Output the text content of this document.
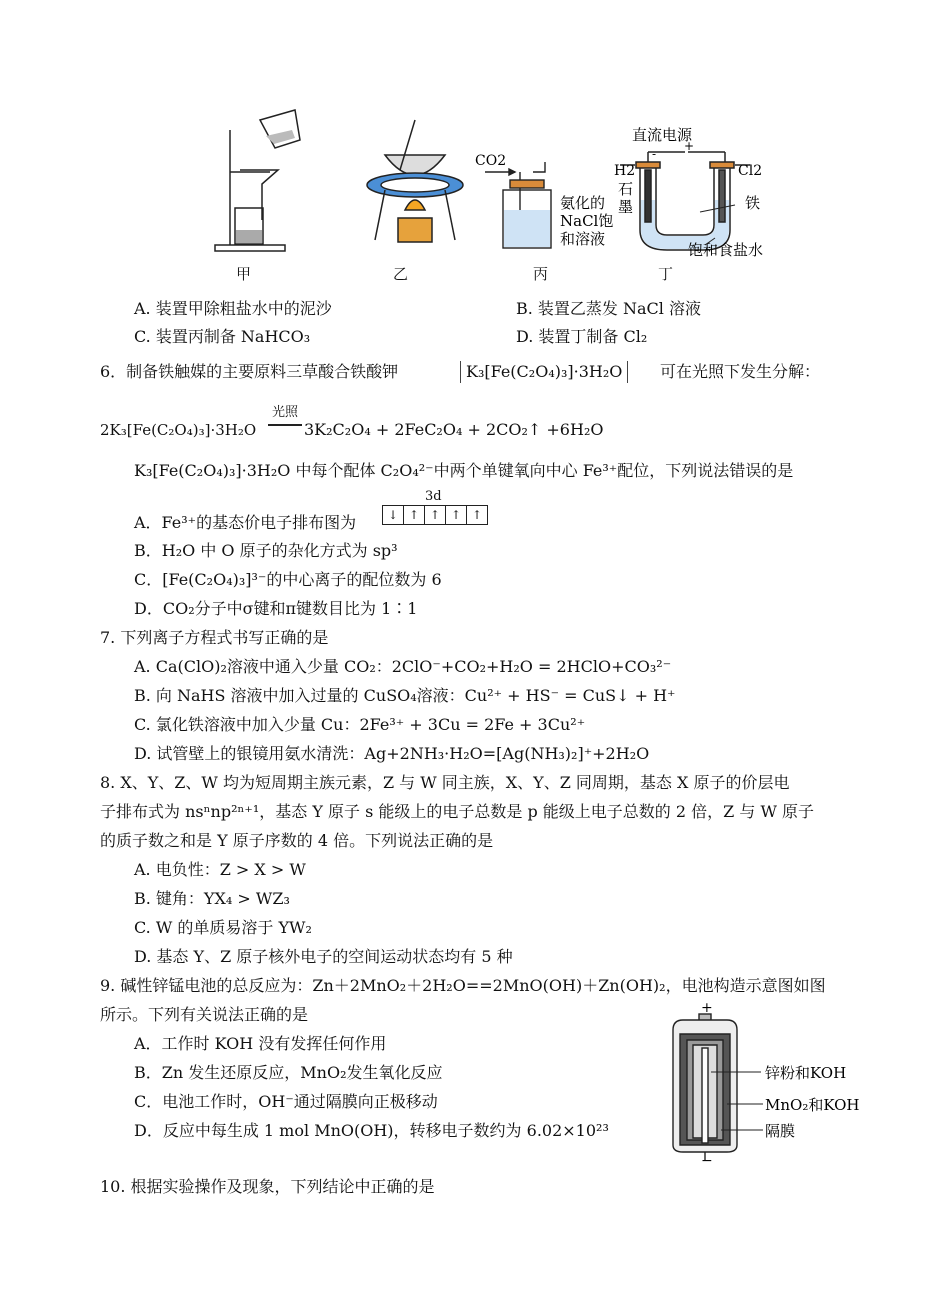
CO2
氨化的
NaCl饱
和溶液
直流电源
+
-
H2	Cl2
石
墨	铁
饱和食盐水
甲	乙	丙	丁
A. 装置甲除粗盐水中的泥沙	B. 装置乙蒸发 NaCl 溶液
C. 装置丙制备 NaHCO₃	D. 装置丁制备 Cl₂
6．制备铁触媒的主要原料三草酸合铁酸钾	K₃[Fe(C₂O₄)₃]·3H₂O	可在光照下发生分解：
2K₃[Fe(C₂O₄)₃]·3H₂O
光照
3K₂C₂O₄ + 2FeC₂O₄ + 2CO₂↑ +6H₂O
K₃[Fe(C₂O₄)₃]·3H₂O 中每个配体 C₂O₄²⁻中两个单键氧向中心 Fe³⁺配位，下列说法错误的是
3d
A．Fe³⁺的基态价电子排布图为	↓ ↑ ↑ ↑ ↑
B．H₂O 中 O 原子的杂化方式为 sp³
C．[Fe(C₂O₄)₃]³⁻的中心离子的配位数为 6
D．CO₂分子中σ键和π键数目比为 1∶1
7. 下列离子方程式书写正确的是
A. Ca(ClO)₂溶液中通入少量 CO₂：2ClO⁻+CO₂+H₂O = 2HClO+CO₃²⁻
B. 向 NaHS 溶液中加入过量的 CuSO₄溶液：Cu²⁺ + HS⁻ = CuS↓ + H⁺
C. 氯化铁溶液中加入少量 Cu：2Fe³⁺ + 3Cu = 2Fe + 3Cu²⁺
D. 试管壁上的银镜用氨水清洗：Ag+2NH₃·H₂O=[Ag(NH₃)₂]⁺+2H₂O
8. X、Y、Z、W 均为短周期主族元素，Z 与 W 同主族，X、Y、Z 同周期，基态 X 原子的价层电
子排布式为 nsⁿnp²ⁿ⁺¹，基态 Y 原子 s 能级上的电子总数是 p 能级上电子总数的 2 倍，Z 与 W 原子
的质子数之和是 Y 原子序数的 4 倍。下列说法正确的是
A. 电负性：Z > X > W
B. 键角：YX₄ > WZ₃
C. W 的单质易溶于 YW₂
D. 基态 Y、Z 原子核外电子的空间运动状态均有 5 种
9. 碱性锌锰电池的总反应为：Zn＋2MnO₂＋2H₂O==2MnO(OH)＋Zn(OH)₂，电池构造示意图如图
所示。下列有关说法正确的是
A．工作时 KOH 没有发挥任何作用
B．Zn 发生还原反应，MnO₂发生氧化反应
C．电池工作时，OH⁻通过隔膜向正极移动
D．反应中每生成 1 mol MnO(OH)，转移电子数约为 6.02×10²³
+
−
锌粉和KOH
MnO₂和KOH
隔膜
10. 根据实验操作及现象，下列结论中正确的是
